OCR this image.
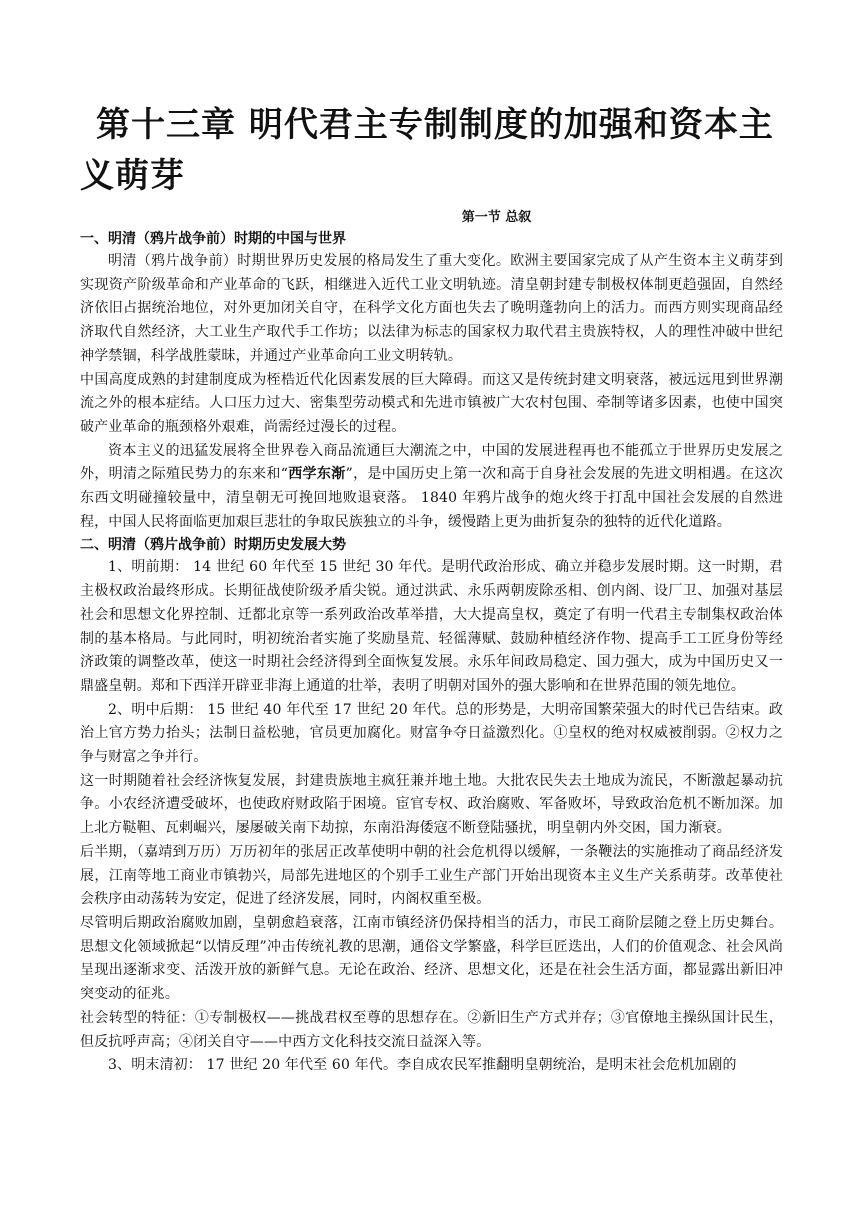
第十三章 明代君主专制制度的加强和资本主义萌芽
第一节 总叙
一、明清（鸦片战争前）时期的中国与世界

明清（鸦片战争前）时期世界历史发展的格局发生了重大变化。欧洲主要国家完成了从产生资本主义萌芽到实现资产阶级革命和产业革命的飞跃，相继进入近代工业文明轨迹。清皇朝封建专制极权体制更趋强固，自然经济依旧占据统治地位，对外更加闭关自守，在科学文化方面也失去了晚明蓬勃向上的活力。而西方则实现商品经济取代自然经济，大工业生产取代手工作坊；以法律为标志的国家权力取代君主贵族特权，人的理性冲破中世纪神学禁锢，科学战胜蒙昧，并通过产业革命向工业文明转轨。

中国高度成熟的封建制度成为桎梏近代化因素发展的巨大障碍。而这又是传统封建文明衰落，被远远甩到世界潮流之外的根本症结。人口压力过大、密集型劳动模式和先进市镇被广大农村包围、牵制等诸多因素，也使中国突破产业革命的瓶颈格外艰难，尚需经过漫长的过程。

资本主义的迅猛发展将全世界卷入商品流通巨大潮流之中，中国的发展进程再也不能孤立于世界历史发展之外，明清之际殖民势力的东来和“西学东渐”，是中国历史上第一次和高于自身社会发展的先进文明相遇。在这次东西文明碰撞较量中，清皇朝无可挽回地败退衰落。 1840 年鸦片战争的炮火终于打乱中国社会发展的自然进程，中国人民将面临更加艰巨悲壮的争取民族独立的斗争，缓慢踏上更为曲折复杂的独特的近代化道路。

二、明清（鸦片战争前）时期历史发展大势

1、明前期： 14 世纪 60 年代至 15 世纪 30 年代。是明代政治形成、确立并稳步发展时期。这一时期，君主极权政治最终形成。长期征战使阶级矛盾尖锐。通过洪武、永乐两朝废除丞相、创内阁、设厂卫、加强对基层社会和思想文化界控制、迁都北京等一系列政治改革举措，大大提高皇权，奠定了有明一代君主专制集权政治体制的基本格局。与此同时，明初统治者实施了奖励垦荒、轻徭薄赋、鼓励种植经济作物、提高手工工匠身份等经济政策的调整改革，使这一时期社会经济得到全面恢复发展。永乐年间政局稳定、国力强大，成为中国历史又一鼎盛皇朝。郑和下西洋开辟亚非海上通道的壮举，表明了明朝对国外的强大影响和在世界范围的领先地位。

2、明中后期： 15 世纪 40 年代至 17 世纪 20 年代。总的形势是，大明帝国繁荣强大的时代已告结束。政治上官方势力抬头；法制日益松驰，官员更加腐化。财富争夺日益激烈化。①皇权的绝对权威被削弱。②权力之争与财富之争并行。

这一时期随着社会经济恢复发展，封建贵族地主疯狂兼并地土地。大批农民失去土地成为流民，不断激起暴动抗争。小农经济遭受破坏，也使政府财政陷于困境。宦官专权、政治腐败、军备败坏，导致政治危机不断加深。加上北方鞑靼、瓦剌崛兴，屡屡破关南下劫掠，东南沿海倭寇不断登陆骚扰，明皇朝内外交困，国力渐衰。

后半期，（嘉靖到万历）万历初年的张居正改革使明中朝的社会危机得以缓解，一条鞭法的实施推动了商品经济发展，江南等地工商业市镇勃兴，局部先进地区的个别手工业生产部门开始出现资本主义生产关系萌芽。改革使社会秩序由动荡转为安定，促进了经济发展，同时，内阁权重至极。

尽管明后期政治腐败加剧，皇朝愈趋衰落，江南市镇经济仍保持相当的活力，市民工商阶层随之登上历史舞台。思想文化领域掀起“以情反理”冲击传统礼教的思潮，通俗文学繁盛，科学巨匠迭出，人们的价值观念、社会风尚呈现出逐渐求变、活泼开放的新鲜气息。无论在政治、经济、思想文化，还是在社会生活方面，都显露出新旧冲突变动的征兆。

社会转型的特征：①专制极权——挑战君权至尊的思想存在。②新旧生产方式并存；③官僚地主操纵国计民生，但反抗呼声高；④闭关自守——中西方文化科技交流日益深入等。

3、明末清初： 17 世纪 20 年代至 60 年代。李自成农民军推翻明皇朝统治，是明末社会危机加剧的
